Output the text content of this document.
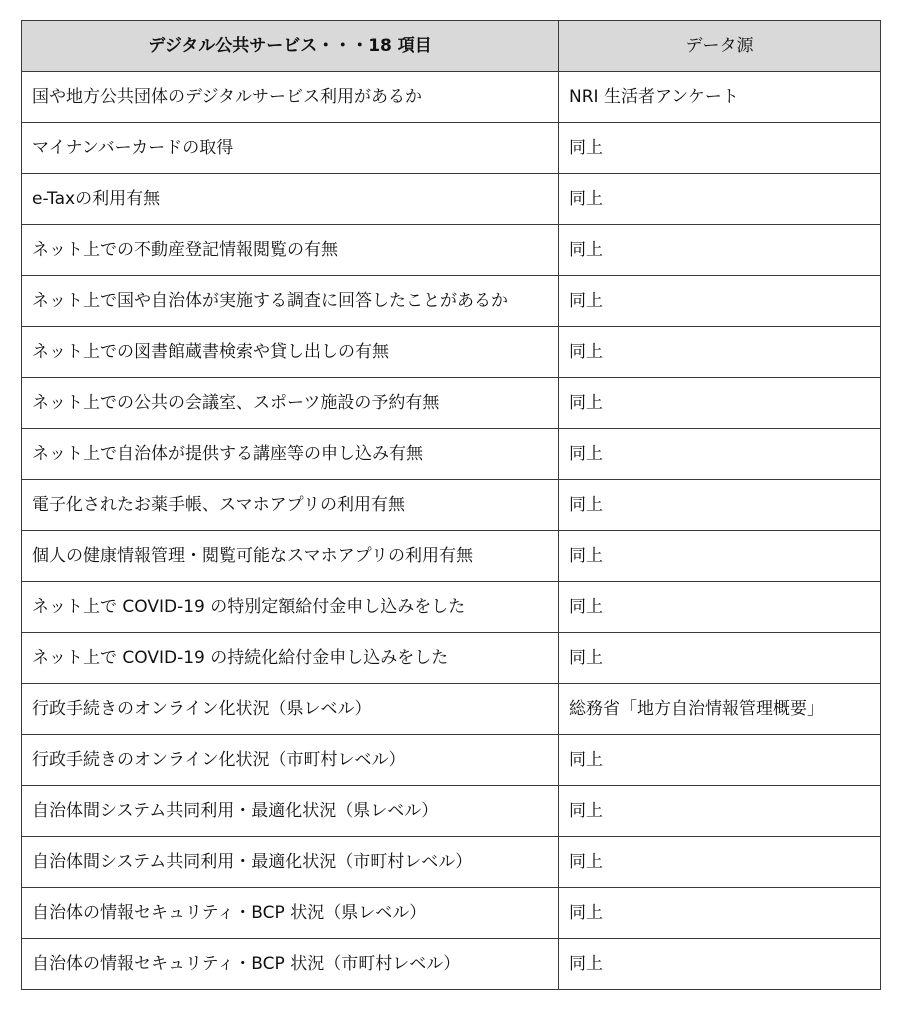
デジタル公共サービス・・・18 項目	データ源
国や地方公共団体のデジタルサービス利用があるか	NRI 生活者アンケート
マイナンバーカードの取得	同上
e-Taxの利用有無	同上
ネット上での不動産登記情報閲覧の有無	同上
ネット上で国や自治体が実施する調査に回答したことがあるか	同上
ネット上での図書館蔵書検索や貸し出しの有無	同上
ネット上での公共の会議室、スポーツ施設の予約有無	同上
ネット上で自治体が提供する講座等の申し込み有無	同上
電子化されたお薬手帳、スマホアプリの利用有無	同上
個人の健康情報管理・閲覧可能なスマホアプリの利用有無	同上
ネット上で COVID-19 の特別定額給付金申し込みをした	同上
ネット上で COVID-19 の持続化給付金申し込みをした	同上
行政手続きのオンライン化状況（県レベル）	総務省「地方自治情報管理概要」
行政手続きのオンライン化状況（市町村レベル）	同上
自治体間システム共同利用・最適化状況（県レベル）	同上
自治体間システム共同利用・最適化状況（市町村レベル）	同上
自治体の情報セキュリティ・BCP 状況（県レベル）	同上
自治体の情報セキュリティ・BCP 状況（市町村レベル）	同上
